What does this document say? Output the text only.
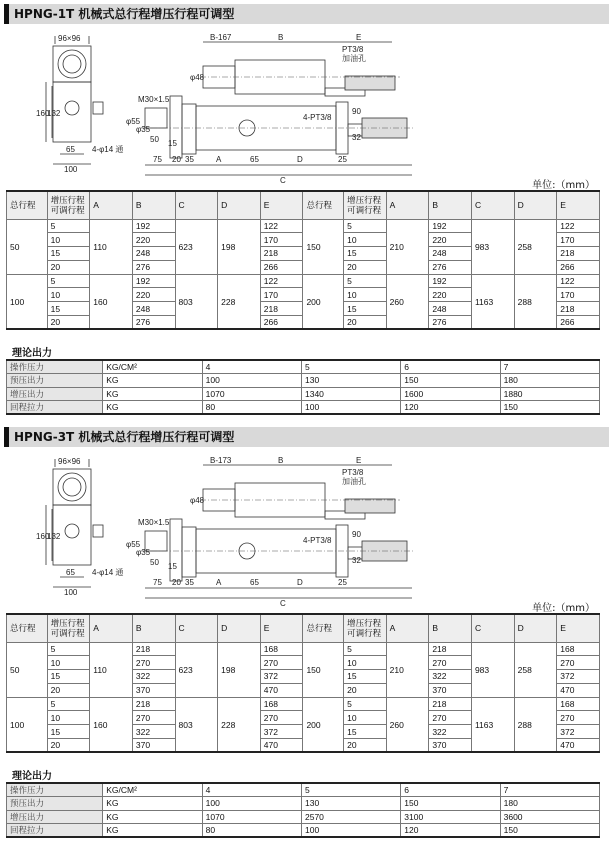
HPNG-1T 机械式总行程增压行程可调型
单位:（mm）
总行程	增压行程 可调行程	A	B	C	D	E	总行程	增压行程 可调行程	A	B	C	D	E
50	5	110	192	623	198	122	150	5	210	192	983	258	122
	10		220			170		10		220			170
	15		248			218		15		248			218
	20		276			266		20		276			266
100	5	160	192	803	228	122	200	5	260	192	1163	288	122
	10		220			170		10		220			170
	15		248			218		15		248			218
	20		276			266		20		276			266
理论出力
操作压力	KG/CM²	4	5	6	7
预压出力	KG	100	130	150	180
增压出力	KG	1070	1340	1600	1880
回程拉力	KG	80	100	120	150
96×96
160
132
65
100
4-φ14 通
B-167	B	E
PT3/8
加油孔
φ48
M30×1.5
φ55
φ35
50 15
4-PT3/8
90
32
75 20 35	A	65	D	25
C
HPNG-3T 机械式总行程增压行程可调型
单位:（mm）
总行程	增压行程 可调行程	A	B	C	D	E	总行程	增压行程 可调行程	A	B	C	D	E
50	5	110	218	623	198	168	150	5	210	218	983	258	168
	10		270			270		10		270			270
	15		322			372		15		322			372
	20		370			470		20		370			470
100	5	160	218	803	228	168	200	5	260	218	1163	288	168
	10		270			270		10		270			270
	15		322			372		15		322			372
	20		370			470		20		370			470
理论出力
操作压力	KG/CM²	4	5	6	7
预压出力	KG	100	130	150	180
增压出力	KG	1070	2570	3100	3600
回程拉力	KG	80	100	120	150
96×96
160
132
65
100
4-φ14 通
B-173	B	E
PT3/8
加油孔
φ48
M30×1.5
φ55
φ35
50 15
4-PT3/8
90
32
75 20 35	A	65	D	25
C
